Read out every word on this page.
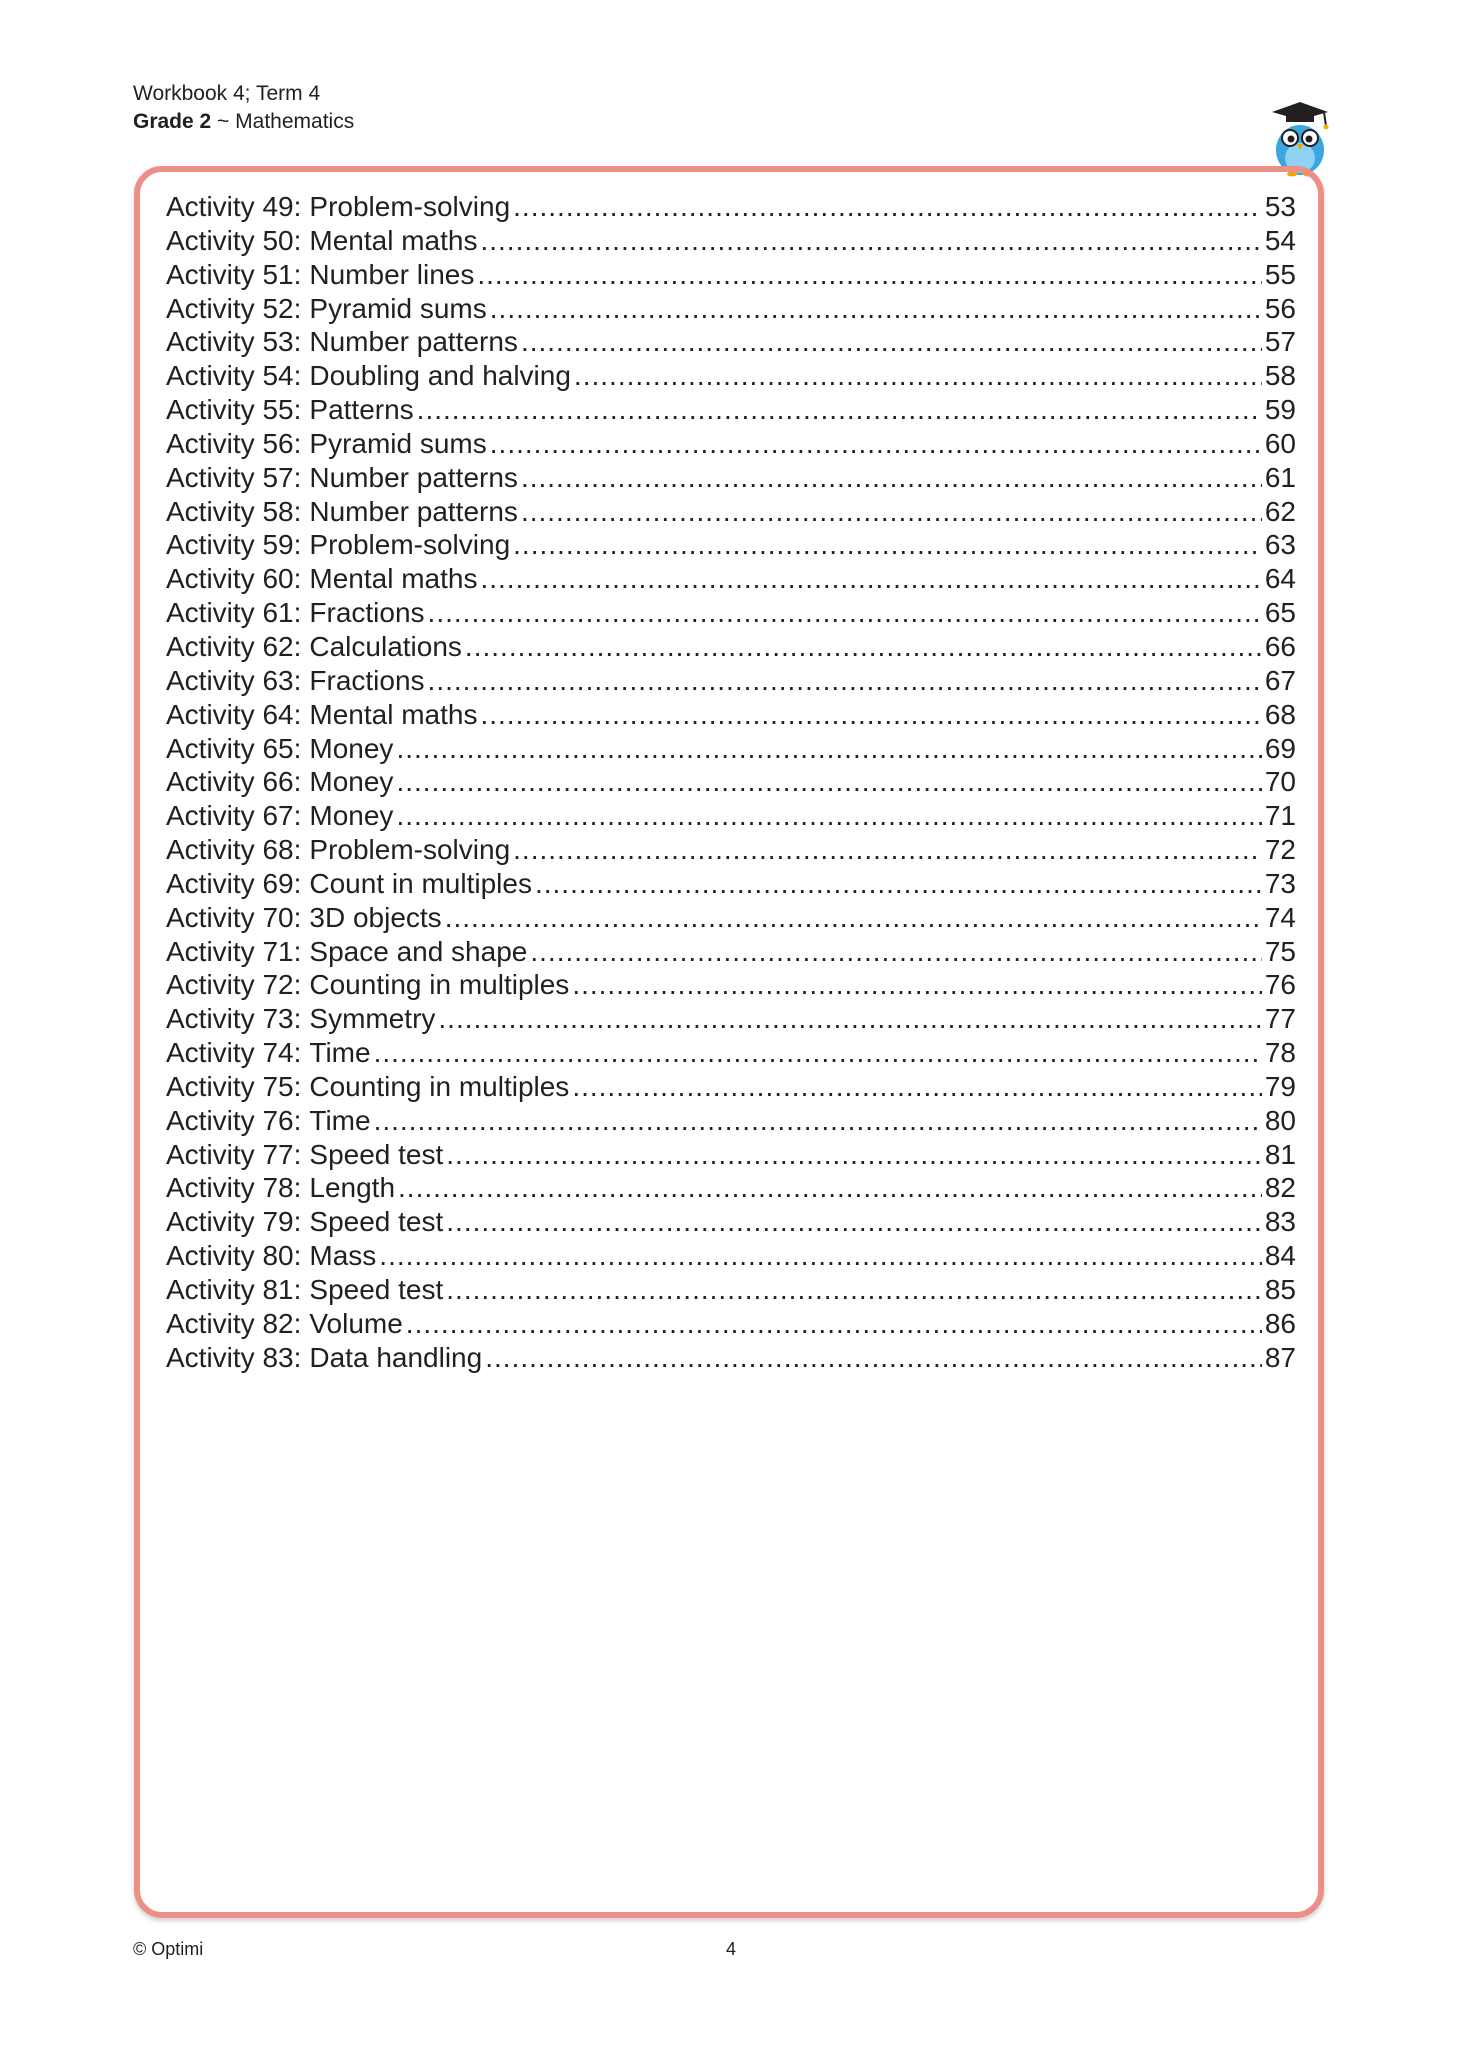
Workbook 4; Term 4
Grade 2 ~ Mathematics
Activity 49: Problem-solving .....	53
Activity 50: Mental maths .....	54
Activity 51: Number lines .....	55
Activity 52: Pyramid sums .....	56
Activity 53: Number patterns .....	57
Activity 54: Doubling and halving .....	58
Activity 55: Patterns .....	59
Activity 56: Pyramid sums .....	60
Activity 57: Number patterns .....	61
Activity 58: Number patterns .....	62
Activity 59: Problem-solving .....	63
Activity 60: Mental maths .....	64
Activity 61: Fractions .....	65
Activity 62: Calculations .....	66
Activity 63: Fractions .....	67
Activity 64: Mental maths .....	68
Activity 65: Money .....	69
Activity 66: Money .....	70
Activity 67: Money .....	71
Activity 68: Problem-solving .....	72
Activity 69: Count in multiples .....	73
Activity 70: 3D objects .....	74
Activity 71: Space and shape .....	75
Activity 72: Counting in multiples .....	76
Activity 73: Symmetry .....	77
Activity 74: Time .....	78
Activity 75: Counting in multiples .....	79
Activity 76: Time .....	80
Activity 77: Speed test .....	81
Activity 78: Length .....	82
Activity 79: Speed test .....	83
Activity 80: Mass .....	84
Activity 81: Speed test .....	85
Activity 82: Volume .....	86
Activity 83: Data handling .....	87
© Optimi	4
